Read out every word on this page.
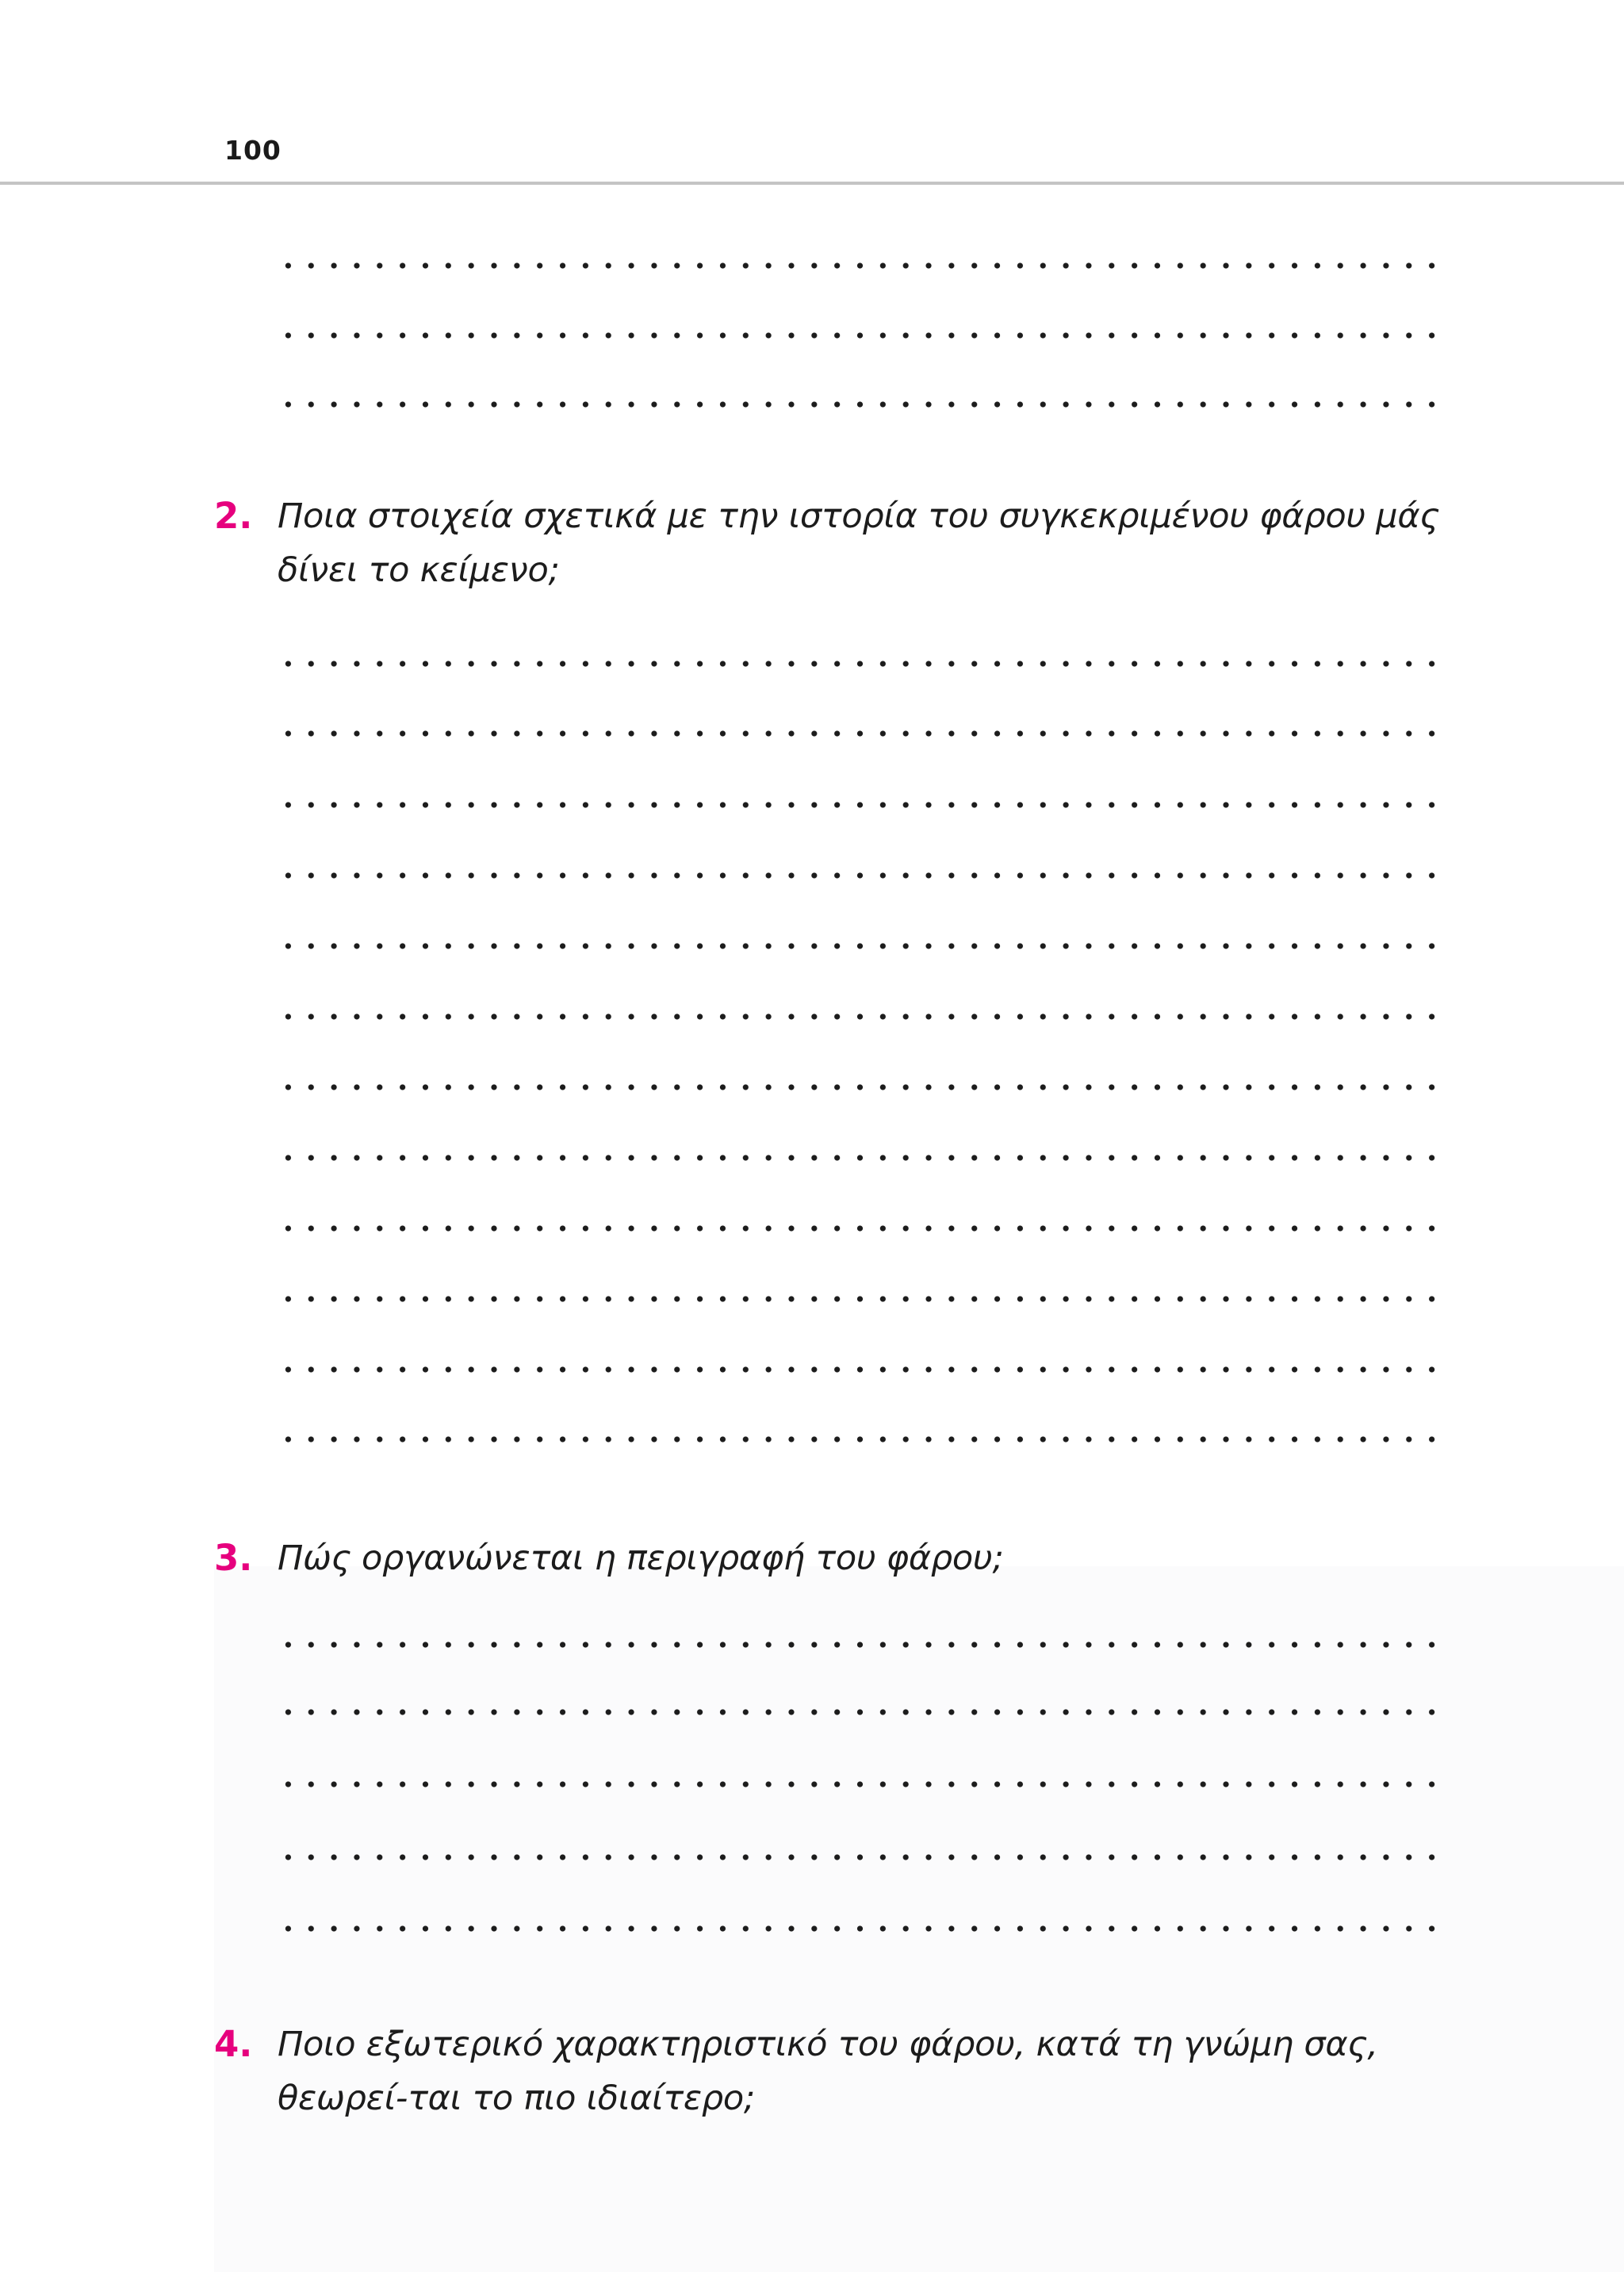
100
2. Ποια στοιχεία σχετικά με την ιστορία του συγκεκριμένου φάρου μάς δίνει το κείμενο;
3. Πώς οργανώνεται η περιγραφή του φάρου;
4. Ποιο εξωτερικό χαρακτηριστικό του φάρου, κατά τη γνώμη σας, θεωρεί-ται το πιο ιδιαίτερο;
